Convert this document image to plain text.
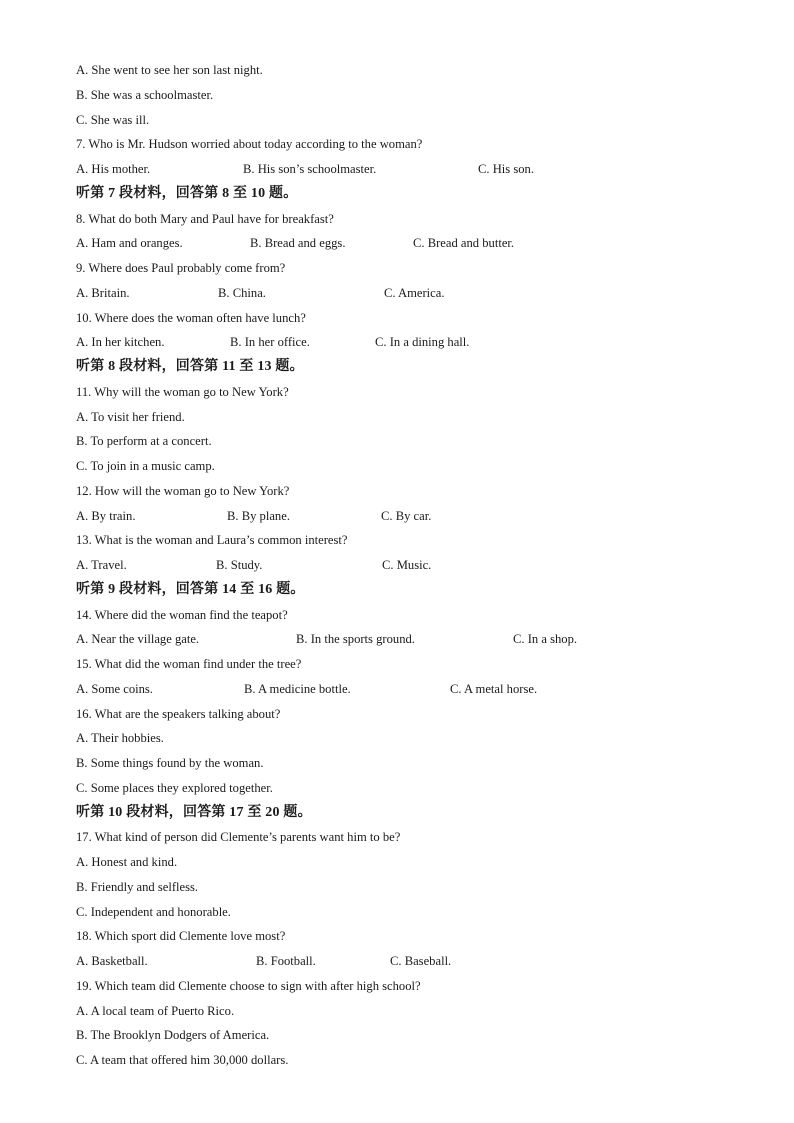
A. She went to see her son last night.
B. She was a schoolmaster.
C. She was ill.
7. Who is Mr. Hudson worried about today according to the woman?
A. His mother.	B. His son’s schoolmaster.	C. His son.
听第 7 段材料，回答第 8 至 10 题。
8. What do both Mary and Paul have for breakfast?
A. Ham and oranges.	B. Bread and eggs.	C. Bread and butter.
9. Where does Paul probably come from?
A. Britain.	B. China.	C. America.
10. Where does the woman often have lunch?
A. In her kitchen.	B. In her office.	C. In a dining hall.
听第 8 段材料，回答第 11 至 13 题。
11. Why will the woman go to New York?
A. To visit her friend.
B. To perform at a concert.
C. To join in a music camp.
12. How will the woman go to New York?
A. By train.	B. By plane.	C. By car.
13. What is the woman and Laura’s common interest?
A. Travel.	B. Study.	C. Music.
听第 9 段材料，回答第 14 至 16 题。
14. Where did the woman find the teapot?
A. Near the village gate.	B. In the sports ground.	C. In a shop.
15. What did the woman find under the tree?
A. Some coins.	B. A medicine bottle.	C. A metal horse.
16. What are the speakers talking about?
A. Their hobbies.
B. Some things found by the woman.
C. Some places they explored together.
听第 10 段材料，回答第 17 至 20 题。
17. What kind of person did Clemente’s parents want him to be?
A. Honest and kind.
B. Friendly and selfless.
C. Independent and honorable.
18. Which sport did Clemente love most?
A. Basketball.	B. Football.	C. Baseball.
19. Which team did Clemente choose to sign with after high school?
A. A local team of Puerto Rico.
B. The Brooklyn Dodgers of America.
C. A team that offered him 30,000 dollars.
